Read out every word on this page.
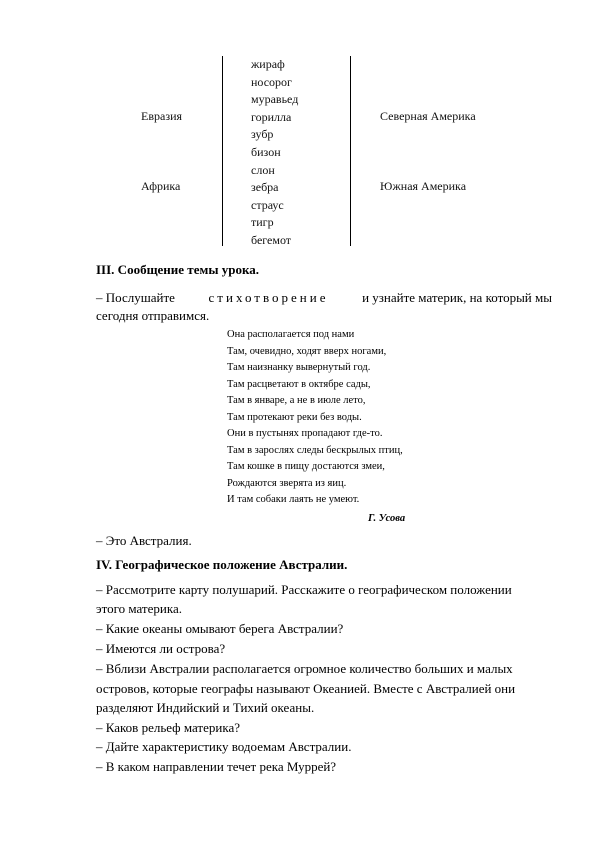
Евразия
Африка
Северная Америка
Южная Америка
жираф
носорог
муравьед
горилла
зубр
бизон
слон
зебра
страус
тигр
бегемот
III. Сообщение темы урока.
– Послушайте	стихотворение	и узнайте материк, на который мы
сегодня отправимся.
Она располагается под нами
Там, очевидно, ходят вверх ногами,
Там наизнанку вывернутый год.
Там расцветают в октябре сады,
Там в январе, а не в июле лето,
Там протекают реки без воды.
Они в пустынях пропадают где-то.
Там в зарослях следы бескрылых птиц,
Там кошке в пищу достаются змеи,
Рождаются зверята из яиц.
И там собаки лаять не умеют.
Г. Усова
– Это Австралия.
IV. Географическое положение Австралии.
– Рассмотрите карту полушарий. Расскажите о географическом положении
этого материка.
– Какие океаны омывают берега Австралии?
– Имеются ли острова?
– Вблизи Австралии располагается огромное количество больших и малых
островов, которые географы называют Океанией. Вместе с Австралией они
разделяют Индийский и Тихий океаны.
– Каков рельеф материка?
– Дайте характеристику водоемам Австралии.
– В каком направлении течет река Муррей?
